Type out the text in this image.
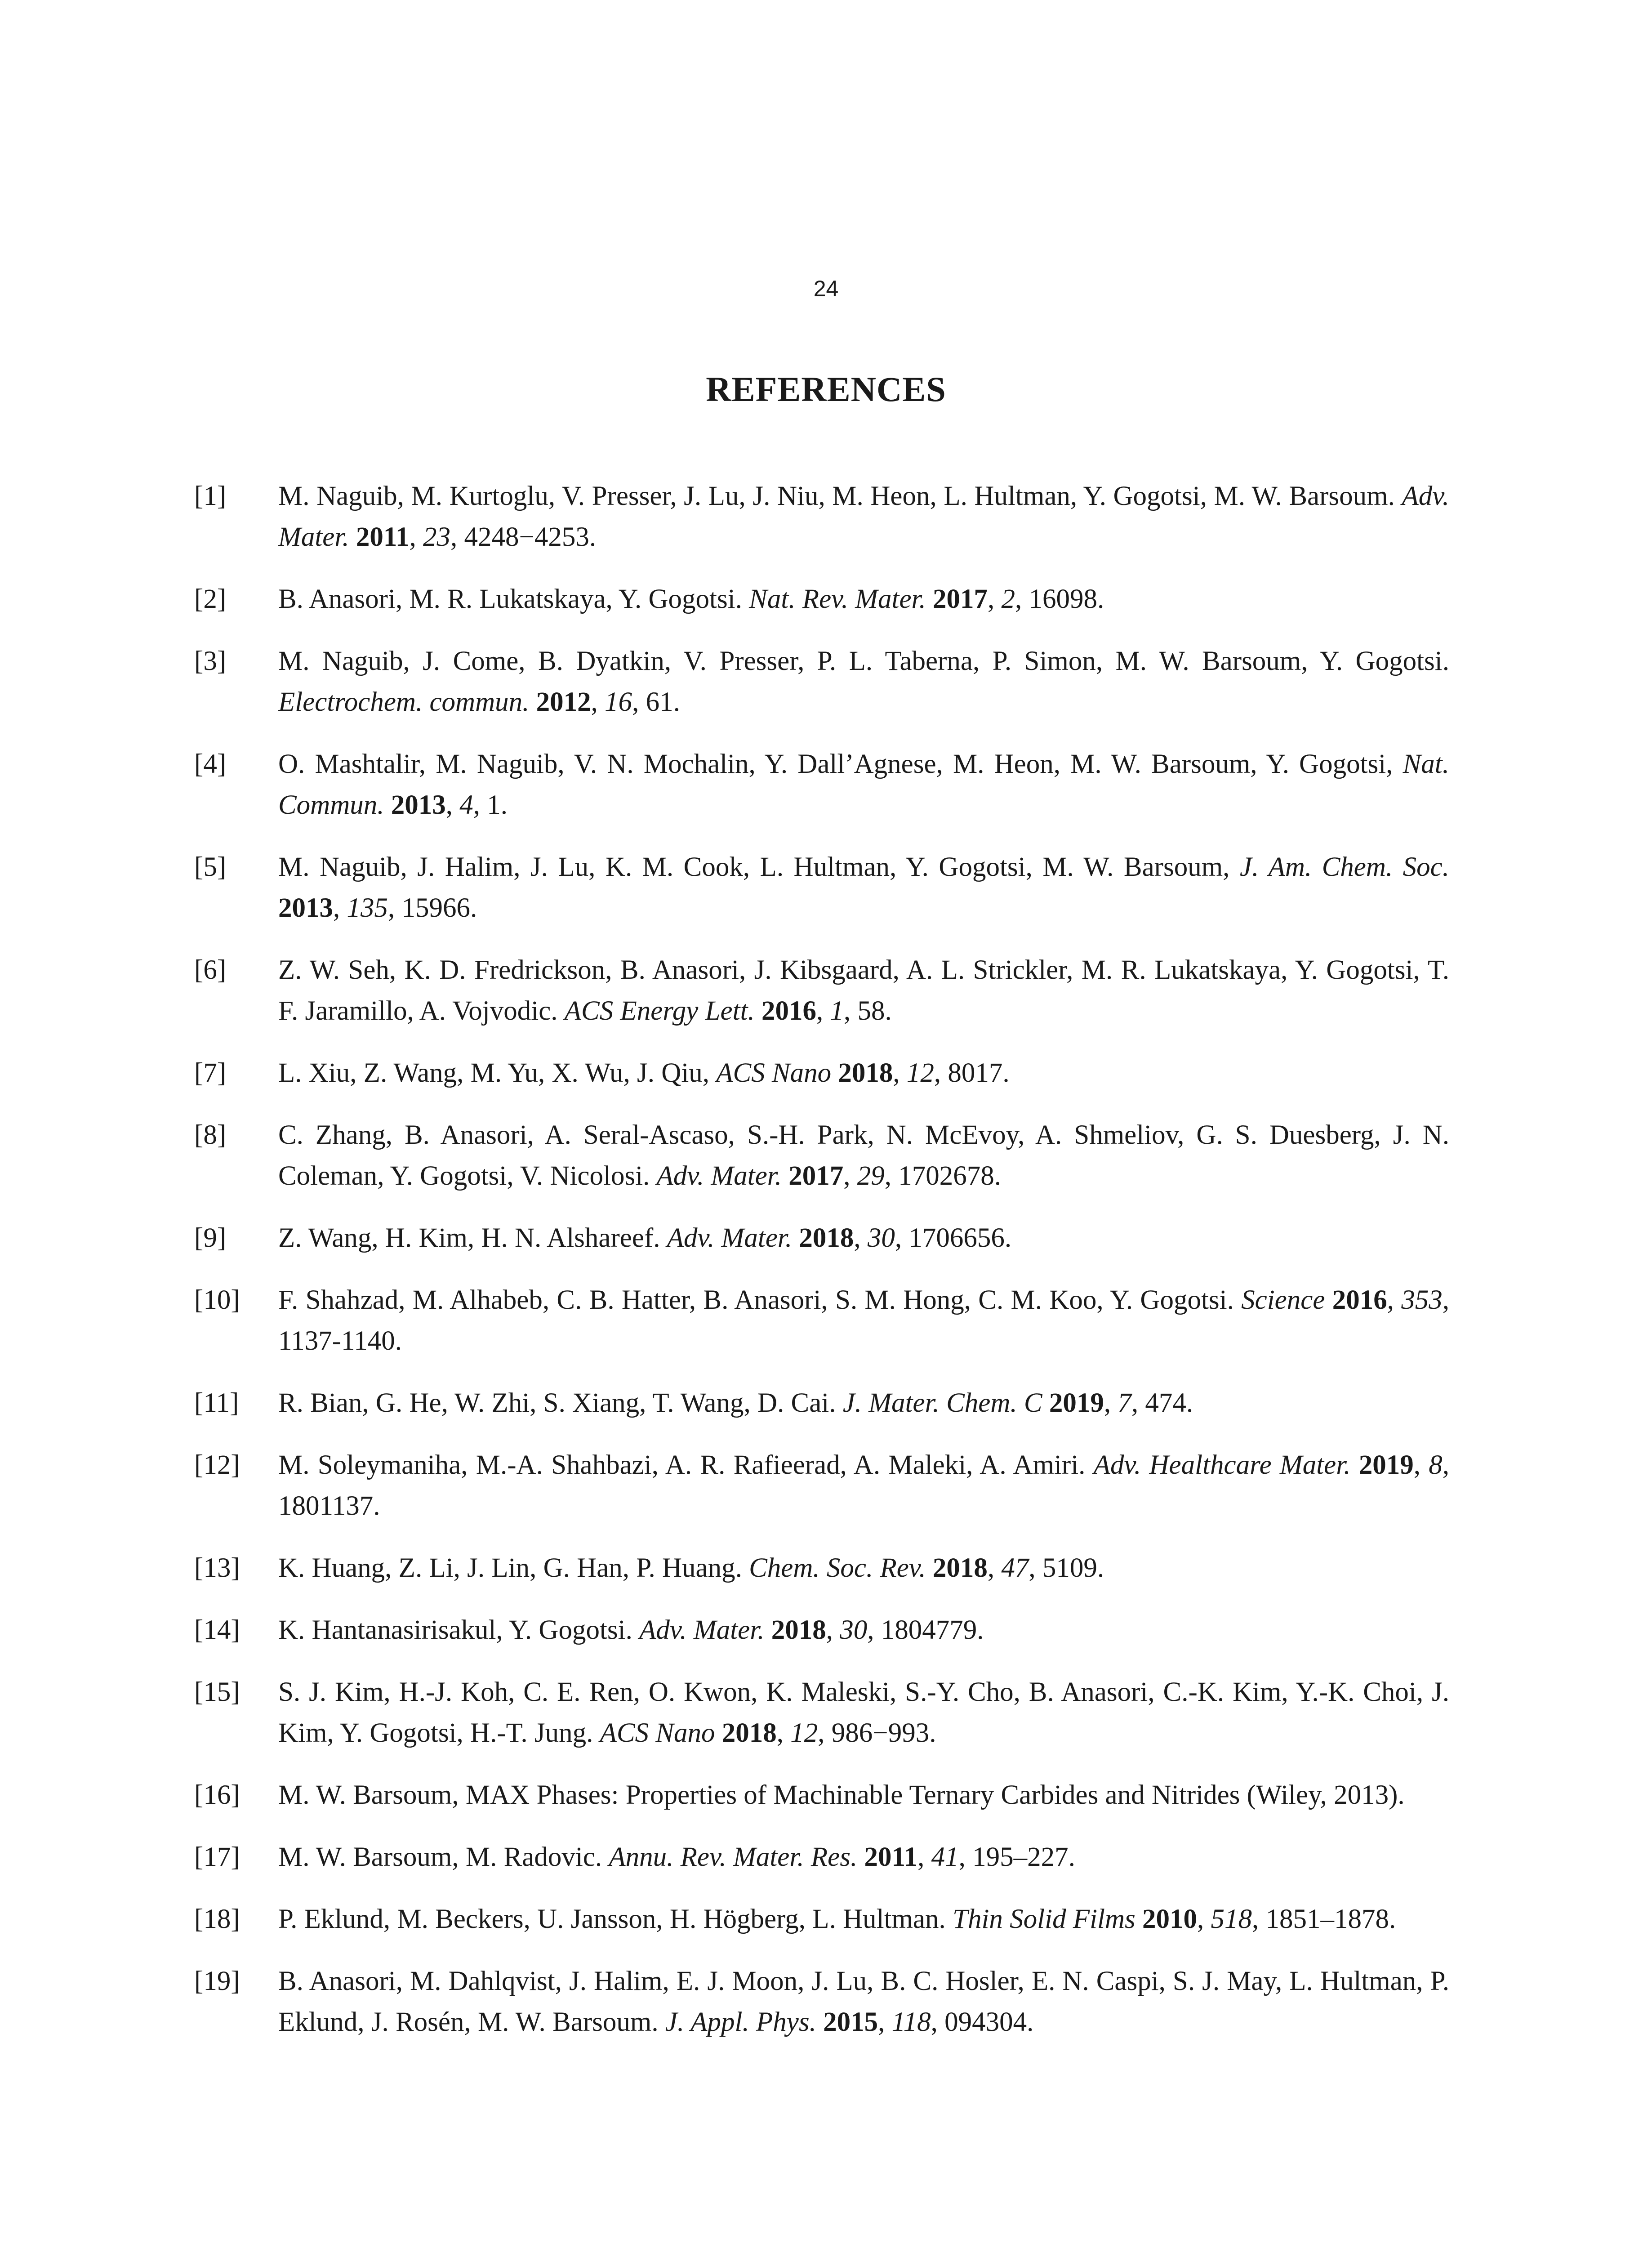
24
REFERENCES
[1] M. Naguib, M. Kurtoglu, V. Presser, J. Lu, J. Niu, M. Heon, L. Hultman, Y. Gogotsi, M. W. Barsoum. Adv. Mater. 2011, 23, 4248−4253.
[2] B. Anasori, M. R. Lukatskaya, Y. Gogotsi. Nat. Rev. Mater. 2017, 2, 16098.
[3] M. Naguib, J. Come, B. Dyatkin, V. Presser, P. L. Taberna, P. Simon, M. W. Barsoum, Y. Gogotsi. Electrochem. commun. 2012, 16, 61.
[4] O. Mashtalir, M. Naguib, V. N. Mochalin, Y. Dall’Agnese, M. Heon, M. W. Barsoum, Y. Gogotsi, Nat. Commun. 2013, 4, 1.
[5] M. Naguib, J. Halim, J. Lu, K. M. Cook, L. Hultman, Y. Gogotsi, M. W. Barsoum, J. Am. Chem. Soc. 2013, 135, 15966.
[6] Z. W. Seh, K. D. Fredrickson, B. Anasori, J. Kibsgaard, A. L. Strickler, M. R. Lukatskaya, Y. Gogotsi, T. F. Jaramillo, A. Vojvodic. ACS Energy Lett. 2016, 1, 58.
[7] L. Xiu, Z. Wang, M. Yu, X. Wu, J. Qiu, ACS Nano 2018, 12, 8017.
[8] C. Zhang, B. Anasori, A. Seral-Ascaso, S.-H. Park, N. McEvoy, A. Shmeliov, G. S. Duesberg, J. N. Coleman, Y. Gogotsi, V. Nicolosi. Adv. Mater. 2017, 29, 1702678.
[9] Z. Wang, H. Kim, H. N. Alshareef. Adv. Mater. 2018, 30, 1706656.
[10] F. Shahzad, M. Alhabeb, C. B. Hatter, B. Anasori, S. M. Hong, C. M. Koo, Y. Gogotsi. Science 2016, 353, 1137-1140.
[11] R. Bian, G. He, W. Zhi, S. Xiang, T. Wang, D. Cai. J. Mater. Chem. C 2019, 7, 474.
[12] M. Soleymaniha, M.-A. Shahbazi, A. R. Rafieerad, A. Maleki, A. Amiri. Adv. Healthcare Mater. 2019, 8, 1801137.
[13] K. Huang, Z. Li, J. Lin, G. Han, P. Huang. Chem. Soc. Rev. 2018, 47, 5109.
[14] K. Hantanasirisakul, Y. Gogotsi. Adv. Mater. 2018, 30, 1804779.
[15] S. J. Kim, H.-J. Koh, C. E. Ren, O. Kwon, K. Maleski, S.-Y. Cho, B. Anasori, C.-K. Kim, Y.-K. Choi, J. Kim, Y. Gogotsi, H.-T. Jung. ACS Nano 2018, 12, 986−993.
[16] M. W. Barsoum, MAX Phases: Properties of Machinable Ternary Carbides and Nitrides (Wiley, 2013).
[17] M. W. Barsoum, M. Radovic. Annu. Rev. Mater. Res. 2011, 41, 195–227.
[18] P. Eklund, M. Beckers, U. Jansson, H. Högberg, L. Hultman. Thin Solid Films 2010, 518, 1851–1878.
[19] B. Anasori, M. Dahlqvist, J. Halim, E. J. Moon, J. Lu, B. C. Hosler, E. N. Caspi, S. J. May, L. Hultman, P. Eklund, J. Rosén, M. W. Barsoum. J. Appl. Phys. 2015, 118, 094304.
